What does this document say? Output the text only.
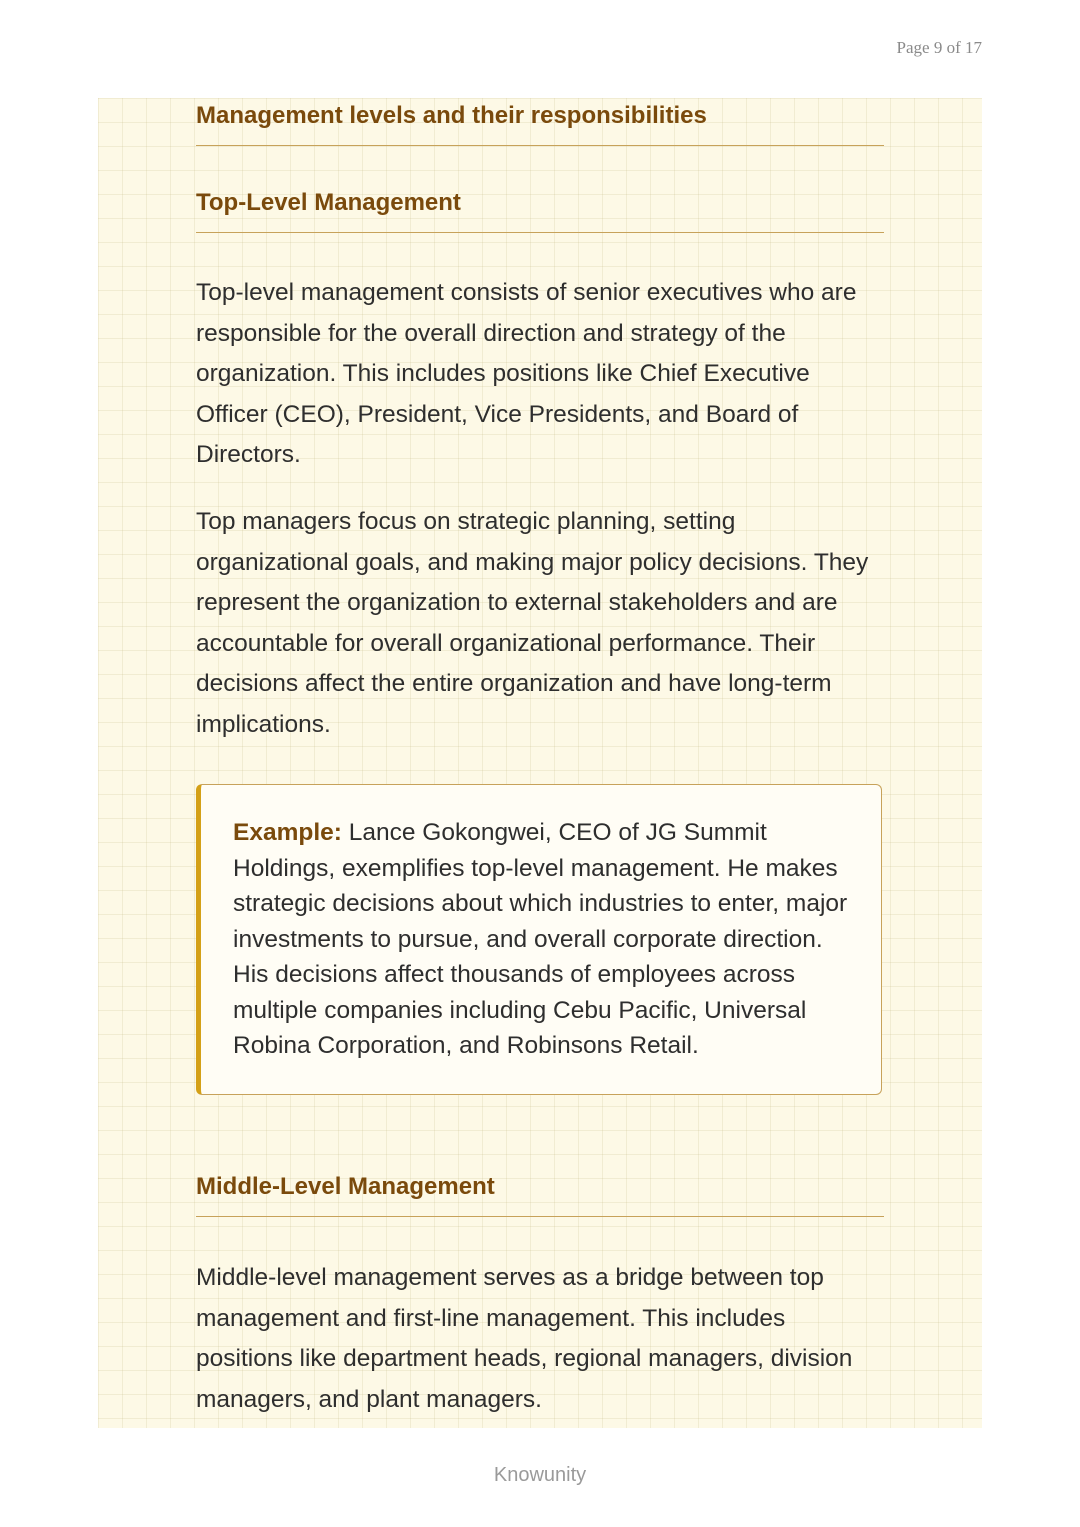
Page 9 of 17
Management levels and their responsibilities
Top-Level Management

Top-level management consists of senior executives who are responsible for the overall direction and strategy of the organization. This includes positions like Chief Executive Officer (CEO), President, Vice Presidents, and Board of Directors.

Top managers focus on strategic planning, setting organizational goals, and making major policy decisions. They represent the organization to external stakeholders and are accountable for overall organizational performance. Their decisions affect the entire organization and have long-term implications.

Example: Lance Gokongwei, CEO of JG Summit Holdings, exemplifies top-level management. He makes strategic decisions about which industries to enter, major investments to pursue, and overall corporate direction. His decisions affect thousands of employees across multiple companies including Cebu Pacific, Universal Robina Corporation, and Robinsons Retail.

Middle-Level Management

Middle-level management serves as a bridge between top management and first-line management. This includes positions like department heads, regional managers, division managers, and plant managers.

Knowunity
